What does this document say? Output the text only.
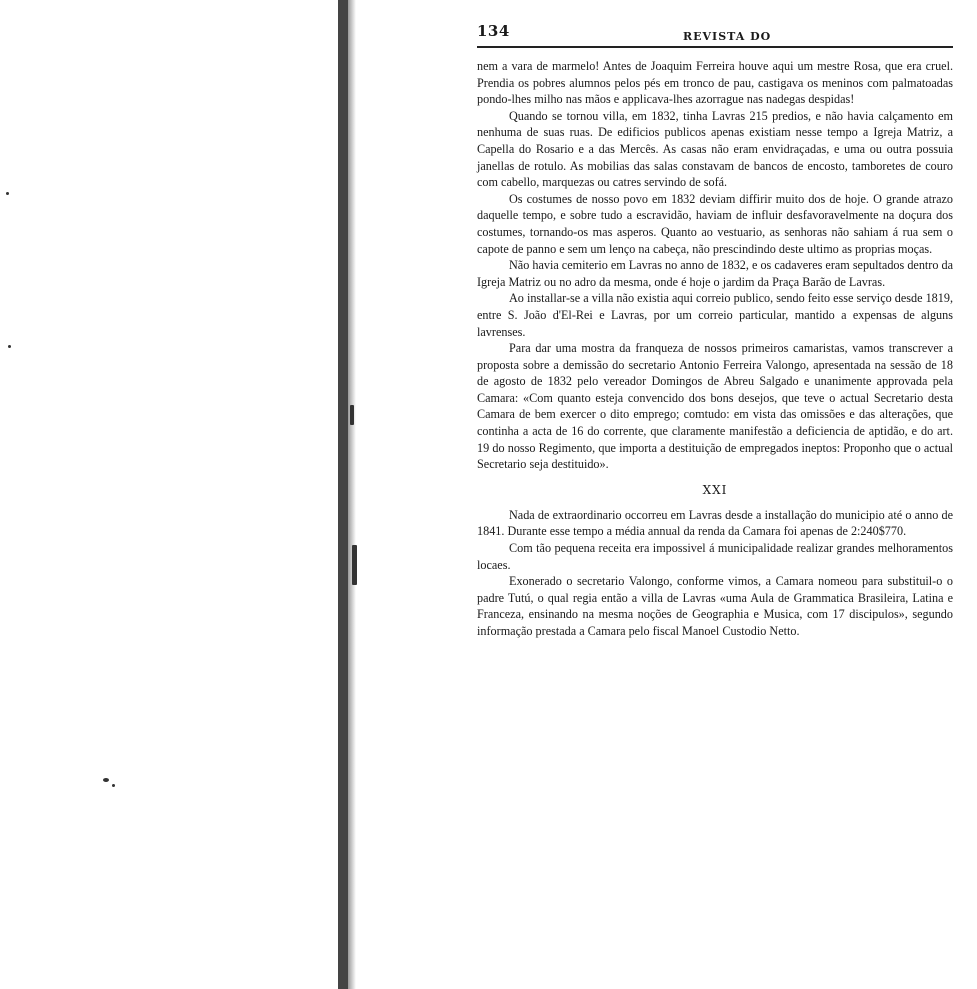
134	REVISTA DO

nem a vara de marmelo! Antes de Joaquim Ferreira houve aqui um mestre Rosa, que era cruel. Prendia os pobres alumnos pelos pés em tronco de pau, castigava os meninos com palmatoadas pondo-lhes milho nas mãos e applicava-lhes azorrague nas nadegas despidas!

Quando se tornou villa, em 1832, tinha Lavras 215 predios, e não havia calçamento em nenhuma de suas ruas. De edificios publicos apenas existiam nesse tempo a Igreja Matriz, a Capella do Rosario e a das Mercês. As casas não eram envidraçadas, e uma ou outra possuia janellas de rotulo. As mobilias das salas constavam de bancos de encosto, tamboretes de couro com cabello, marquezas ou catres servindo de sofá.

Os costumes de nosso povo em 1832 deviam diffirir muito dos de hoje. O grande atrazo daquelle tempo, e sobre tudo a escravidão, haviam de influir desfavoravelmente na doçura dos costumes, tornando-os mas asperos. Quanto ao vestuario, as senhoras não sahiam á rua sem o capote de panno e sem um lenço na cabeça, não prescindindo deste ultimo as proprias moças.

Não havia cemiterio em Lavras no anno de 1832, e os cadaveres eram sepultados dentro da Igreja Matriz ou no adro da mesma, onde é hoje o jardim da Praça Barão de Lavras.

Ao installar-se a villa não existia aqui correio publico, sendo feito esse serviço desde 1819, entre S. João d'El-Rei e Lavras, por um correio particular, mantido a expensas de alguns lavrenses.

Para dar uma mostra da franqueza de nossos primeiros camaristas, vamos transcrever a proposta sobre a demissão do secretario Antonio Ferreira Valongo, apresentada na sessão de 18 de agosto de 1832 pelo vereador Domingos de Abreu Salgado e unanimente approvada pela Camara: «Com quanto esteja convencido dos bons desejos, que teve o actual Secretario desta Camara de bem exercer o dito emprego; comtudo: em vista das omissões e das alterações, que continha a acta de 16 do corrente, que claramente manifestão a deficiencia de aptidão, e do art. 19 do nosso Regimento, que importa a destituição de empregados ineptos: Proponho que o actual Secretario seja destituido».

XXI

Nada de extraordinario occorreu em Lavras desde a installação do municipio até o anno de 1841. Durante esse tempo a média annual da renda da Camara foi apenas de 2:240$770.

Com tão pequena receita era impossivel á municipalidade realizar grandes melhoramentos locaes.

Exonerado o secretario Valongo, conforme vimos, a Camara nomeou para substituil-o o padre Tutú, o qual regia então a villa de Lavras «uma Aula de Grammatica Brasileira, Latina e Franceza, ensinando na mesma noções de Geographia e Musica, com 17 discipulos», segundo informação prestada a Camara pelo fiscal Manoel Custodio Netto.
